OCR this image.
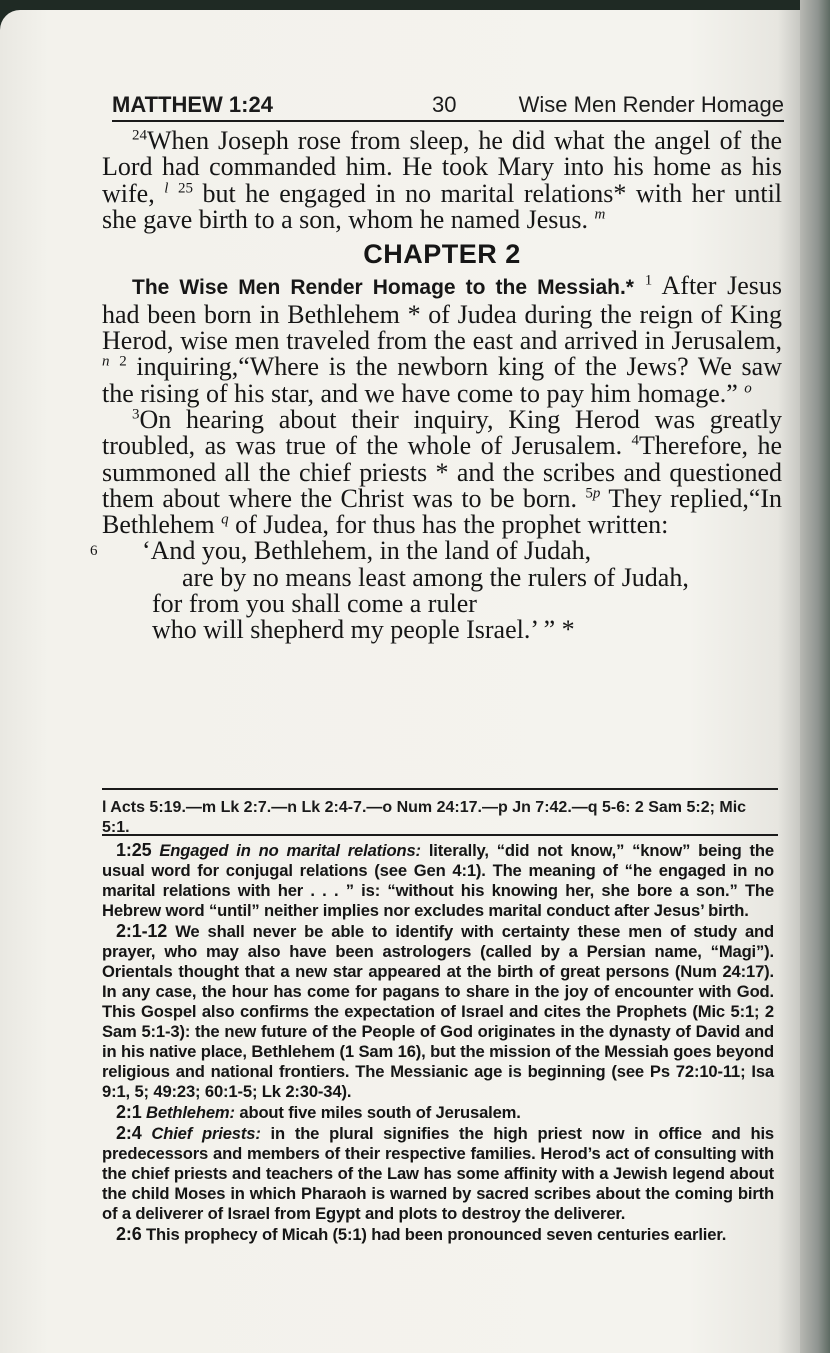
MATTHEW 1:24	30	Wise Men Render Homage

$^{24}$When Joseph rose from sleep, he did what the angel of the Lord had commanded him. He took Mary into his home as his wife, $^l$ $^{25}$ but he engaged in no marital relations* with her until she gave birth to a son, whom he named Jesus. $^m$

CHAPTER 2

The Wise Men Render Homage to the Messiah.* $^1$ After Jesus had been born in Bethlehem * of Judea during the reign of King Herod, wise men traveled from the east and arrived in Jerusalem, $^n$ $^2$ inquiring,“Where is the newborn king of the Jews? We saw the rising of his star, and we have come to pay him homage.” $^o$

$^3$On hearing about their inquiry, King Herod was greatly troubled, as was true of the whole of Jerusalem. $^4$Therefore, he summoned all the chief priests * and the scribes and questioned them about where the Christ was to be born. $^{5p}$ They replied,“In Bethlehem $^q$ of Judea, for thus has the prophet written:

6 ‘And you, Bethlehem, in the land of Judah,
are by no means least among the rulers of Judah,
for from you shall come a ruler
who will shepherd my people Israel.’ ” *
l Acts 5:19.—m Lk 2:7.—n Lk 2:4-7.—o Num 24:17.—p Jn 7:42.—q 5-6: 2 Sam 5:2; Mic 5:1.

1:25 Engaged in no marital relations: literally, “did not know,” “know” being the usual word for conjugal relations (see Gen 4:1). The meaning of “he engaged in no marital relations with her . . . ” is: “without his knowing her, she bore a son.” The Hebrew word “until” neither implies nor excludes marital conduct after Jesus’ birth.

2:1-12 We shall never be able to identify with certainty these men of study and prayer, who may also have been astrologers (called by a Persian name, “Magi”). Orientals thought that a new star appeared at the birth of great persons (Num 24:17). In any case, the hour has come for pagans to share in the joy of encounter with God. This Gospel also confirms the expectation of Israel and cites the Prophets (Mic 5:1; 2 Sam 5:1-3): the new future of the People of God originates in the dynasty of David and in his native place, Bethlehem (1 Sam 16), but the mission of the Messiah goes beyond religious and national frontiers. The Messianic age is beginning (see Ps 72:10-11; Isa 9:1, 5; 49:23; 60:1-5; Lk 2:30-34).

2:1 Bethlehem: about five miles south of Jerusalem.

2:4 Chief priests: in the plural signifies the high priest now in office and his predecessors and members of their respective families. Herod’s act of consulting with the chief priests and teachers of the Law has some affinity with a Jewish legend about the child Moses in which Pharaoh is warned by sacred scribes about the coming birth of a deliverer of Israel from Egypt and plots to destroy the deliverer.

2:6 This prophecy of Micah (5:1) had been pronounced seven centuries earlier.
